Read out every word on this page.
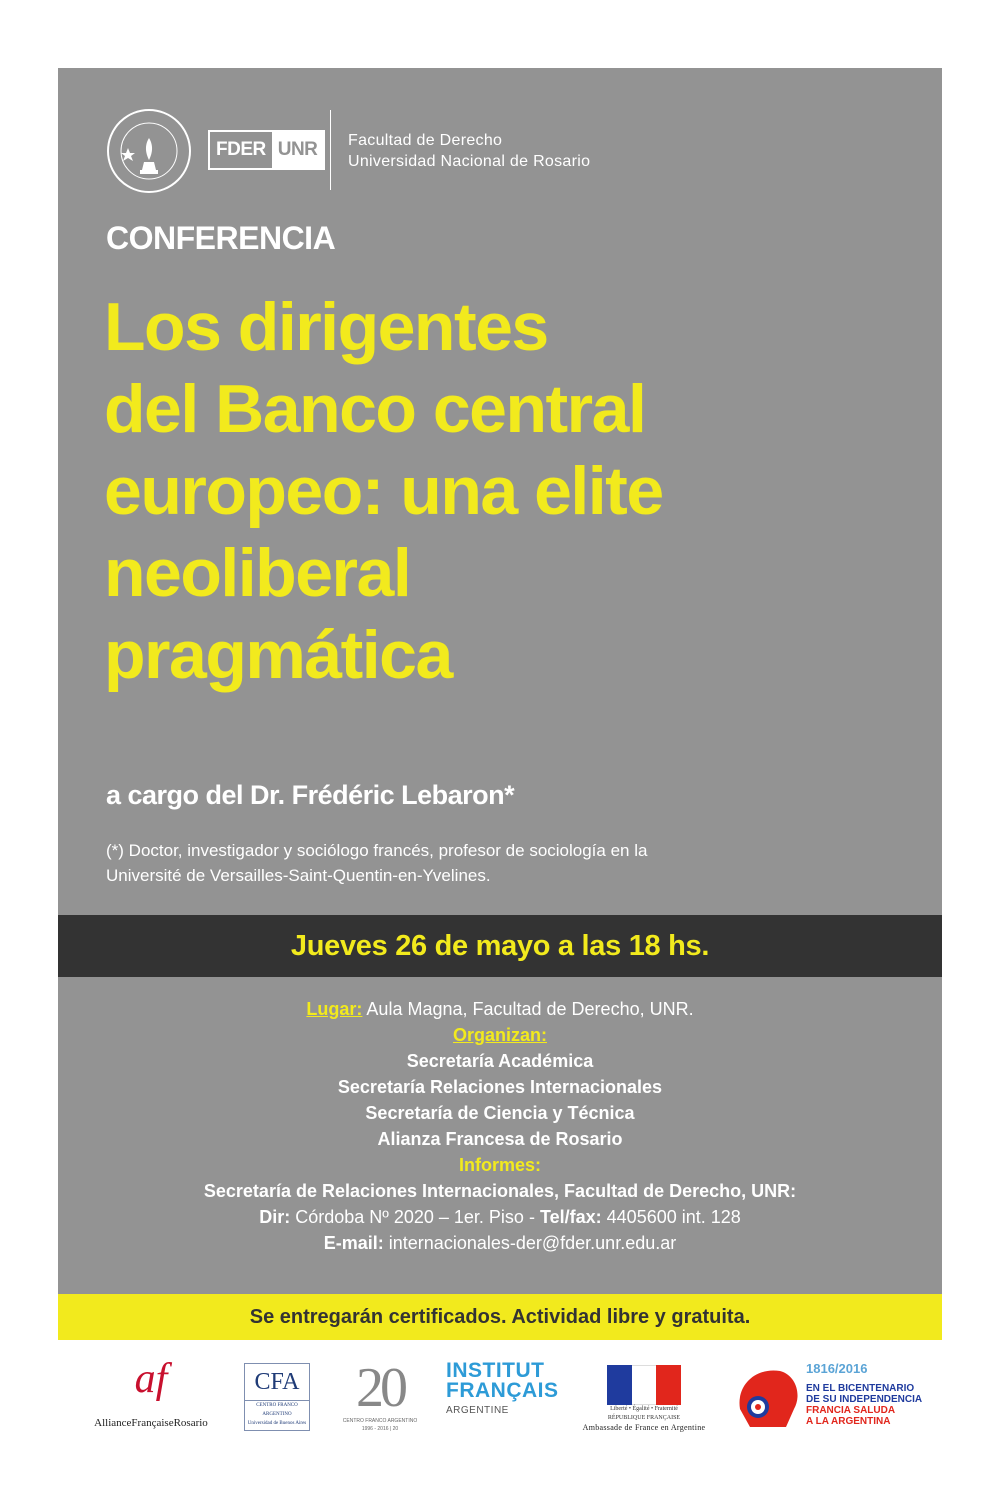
FDER UNR	Facultad de Derecho
Universidad Nacional de Rosario
CONFERENCIA
Los dirigentes
del Banco central
europeo: una elite
neoliberal
pragmática
a cargo del Dr. Frédéric Lebaron*
(*) Doctor, investigador y sociólogo francés, profesor de sociología en la
Université de Versailles-Saint-Quentin-en-Yvelines.
Jueves 26 de mayo a las 18 hs.
Lugar: Aula Magna, Facultad de Derecho, UNR.
Organizan:
Secretaría Académica
Secretaría Relaciones Internacionales
Secretaría de Ciencia y Técnica
Alianza Francesa de Rosario
Informes:
Secretaría de Relaciones Internacionales, Facultad de Derecho, UNR:
Dir: Córdoba Nº 2020 – 1er. Piso - Tel/fax: 4405600 int. 128
E-mail: internacionales-der@fder.unr.edu.ar
Se entregarán certificados. Actividad libre y gratuita.
af
AllianceFrançaiseRosario
CFA
CENTRO FRANCO ARGENTINO
Universidad de Buenos Aires
20
CENTRO FRANCO ARGENTINO
1996 - 2016 | 20
INSTITUT
FRANÇAIS
ARGENTINE	Liberté • Égalité • Fraternité
RÉPUBLIQUE FRANÇAISE
Ambassade de France en Argentine
1816/2016
EN EL BICENTENARIO
DE SU INDEPENDENCIA
FRANCIA SALUDA
A LA ARGENTINA
